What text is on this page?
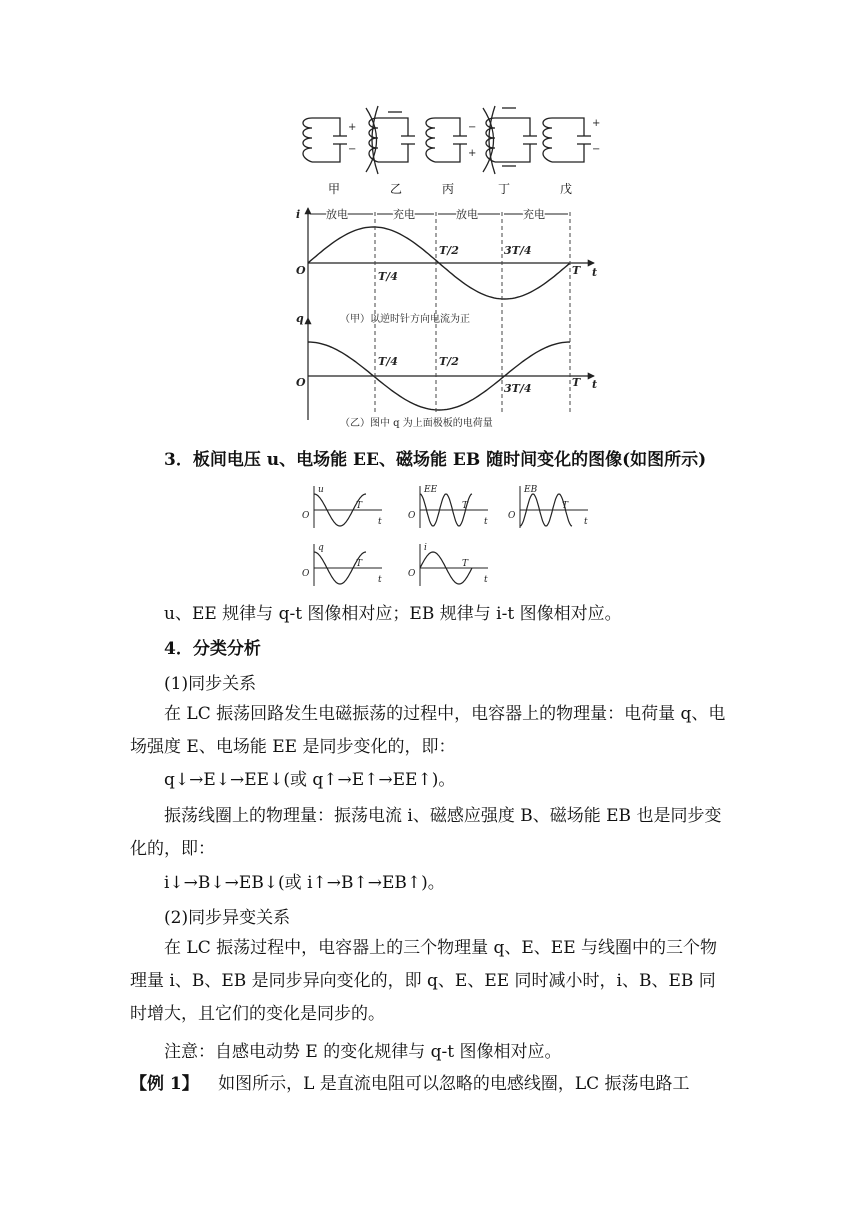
+
−
−
+
+
−
甲	乙	丙	丁	戊
放电	充电	放电	充电
i
O	t
T/4
T/2	3T/4
T
q
O	t
T/4	T/2
3T/4	T
（甲）以逆时针方向电流为正
（乙）图中 q 为上面极板的电荷量
3．板间电压 u、电场能 EE、磁场能 EB 随时间变化的图像(如图所示)
u
O
T
t
EE
O
T
t
EB
O
T
t
q
O
T
t
i
O
T
t
u、EE 规律与 q-t 图像相对应；EB 规律与 i-t 图像相对应。
4．分类分析
(1)同步关系
在 LC 振荡回路发生电磁振荡的过程中，电容器上的物理量：电荷量 q、电场强度 E、电场能 EE 是同步变化的，即：
q↓→E↓→EE↓(或 q↑→E↑→EE↑)。
振荡线圈上的物理量：振荡电流 i、磁感应强度 B、磁场能 EB 也是同步变化的，即：
i↓→B↓→EB↓(或 i↑→B↑→EB↑)。
(2)同步异变关系
在 LC 振荡过程中，电容器上的三个物理量 q、E、EE 与线圈中的三个物理量 i、B、EB 是同步异向变化的，即 q、E、EE 同时减小时，i、B、EB 同时增大，且它们的变化是同步的。
注意：自感电动势 E 的变化规律与 q-t 图像相对应。
【例 1】 如图所示，L 是直流电阻可以忽略的电感线圈，LC 振荡电路工
